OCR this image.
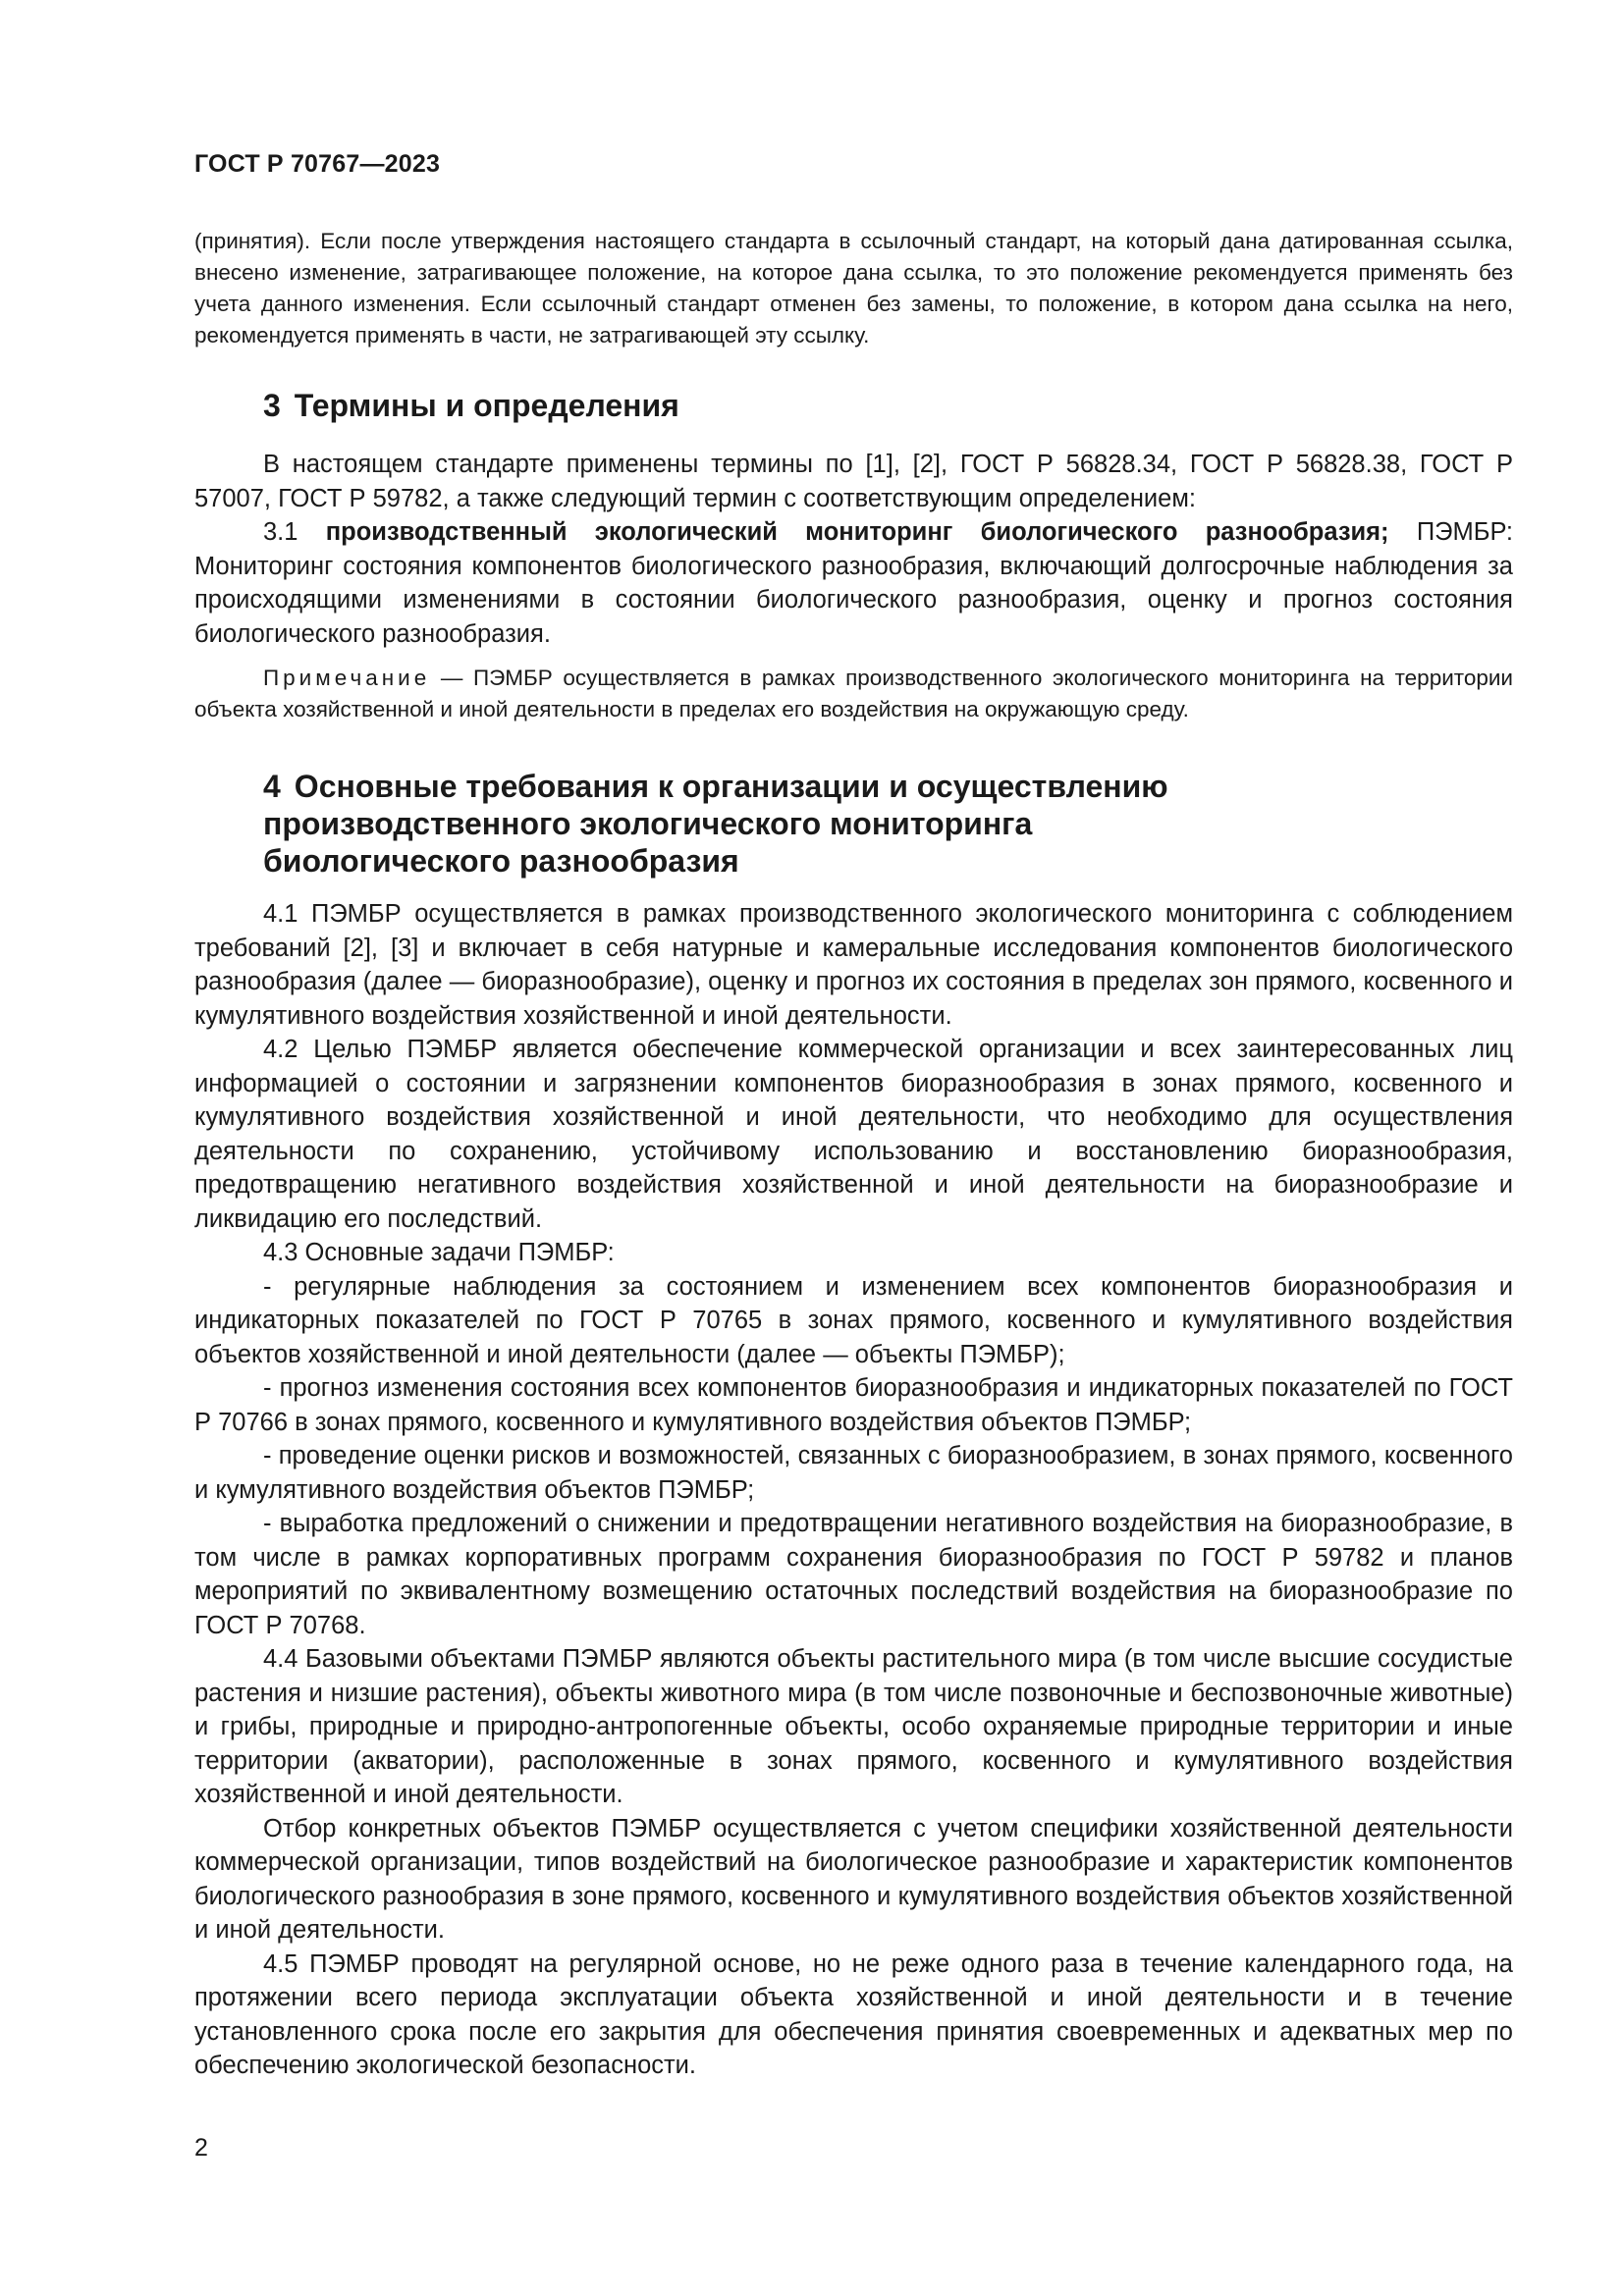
ГОСТ Р 70767—2023

(принятия). Если после утверждения настоящего стандарта в ссылочный стандарт, на который дана датированная ссылка, внесено изменение, затрагивающее положение, на которое дана ссылка, то это положение рекомендуется применять без учета данного изменения. Если ссылочный стандарт отменен без замены, то положение, в котором дана ссылка на него, рекомендуется применять в части, не затрагивающей эту ссылку.

3 Термины и определения

В настоящем стандарте применены термины по [1], [2], ГОСТ Р 56828.34, ГОСТ Р 56828.38, ГОСТ Р 57007, ГОСТ Р 59782, а также следующий термин с соответствующим определением:

3.1 производственный экологический мониторинг биологического разнообразия; ПЭМБР: Мониторинг состояния компонентов биологического разнообразия, включающий долгосрочные наблюдения за происходящими изменениями в состоянии биологического разнообразия, оценку и прогноз состояния биологического разнообразия.

Примечание — ПЭМБР осуществляется в рамках производственного экологического мониторинга на территории объекта хозяйственной и иной деятельности в пределах его воздействия на окружающую среду.

4 Основные требования к организации и осуществлению
производственного экологического мониторинга
биологического разнообразия

4.1 ПЭМБР осуществляется в рамках производственного экологического мониторинга с соблюдением требований [2], [3] и включает в себя натурные и камеральные исследования компонентов биологического разнообразия (далее — биоразнообразие), оценку и прогноз их состояния в пределах зон прямого, косвенного и кумулятивного воздействия хозяйственной и иной деятельности.

4.2 Целью ПЭМБР является обеспечение коммерческой организации и всех заинтересованных лиц информацией о состоянии и загрязнении компонентов биоразнообразия в зонах прямого, косвенного и кумулятивного воздействия хозяйственной и иной деятельности, что необходимо для осуществления деятельности по сохранению, устойчивому использованию и восстановлению биоразнообразия, предотвращению негативного воздействия хозяйственной и иной деятельности на биоразнообразие и ликвидацию его последствий.

4.3 Основные задачи ПЭМБР:

- регулярные наблюдения за состоянием и изменением всех компонентов биоразнообразия и индикаторных показателей по ГОСТ Р 70765 в зонах прямого, косвенного и кумулятивного воздействия объектов хозяйственной и иной деятельности (далее — объекты ПЭМБР);

- прогноз изменения состояния всех компонентов биоразнообразия и индикаторных показателей по ГОСТ Р 70766 в зонах прямого, косвенного и кумулятивного воздействия объектов ПЭМБР;

- проведение оценки рисков и возможностей, связанных с биоразнообразием, в зонах прямого, косвенного и кумулятивного воздействия объектов ПЭМБР;

- выработка предложений о снижении и предотвращении негативного воздействия на биоразнообразие, в том числе в рамках корпоративных программ сохранения биоразнообразия по ГОСТ Р 59782 и планов мероприятий по эквивалентному возмещению остаточных последствий воздействия на биоразнообразие по ГОСТ Р 70768.

4.4 Базовыми объектами ПЭМБР являются объекты растительного мира (в том числе высшие сосудистые растения и низшие растения), объекты животного мира (в том числе позвоночные и беспозвоночные животные) и грибы, природные и природно-антропогенные объекты, особо охраняемые природные территории и иные территории (акватории), расположенные в зонах прямого, косвенного и кумулятивного воздействия хозяйственной и иной деятельности.

Отбор конкретных объектов ПЭМБР осуществляется с учетом специфики хозяйственной деятельности коммерческой организации, типов воздействий на биологическое разнообразие и характеристик компонентов биологического разнообразия в зоне прямого, косвенного и кумулятивного воздействия объектов хозяйственной и иной деятельности.

4.5 ПЭМБР проводят на регулярной основе, но не реже одного раза в течение календарного года, на протяжении всего периода эксплуатации объекта хозяйственной и иной деятельности и в течение установленного срока после его закрытия для обеспечения принятия своевременных и адекватных мер по обеспечению экологической безопасности.

2
